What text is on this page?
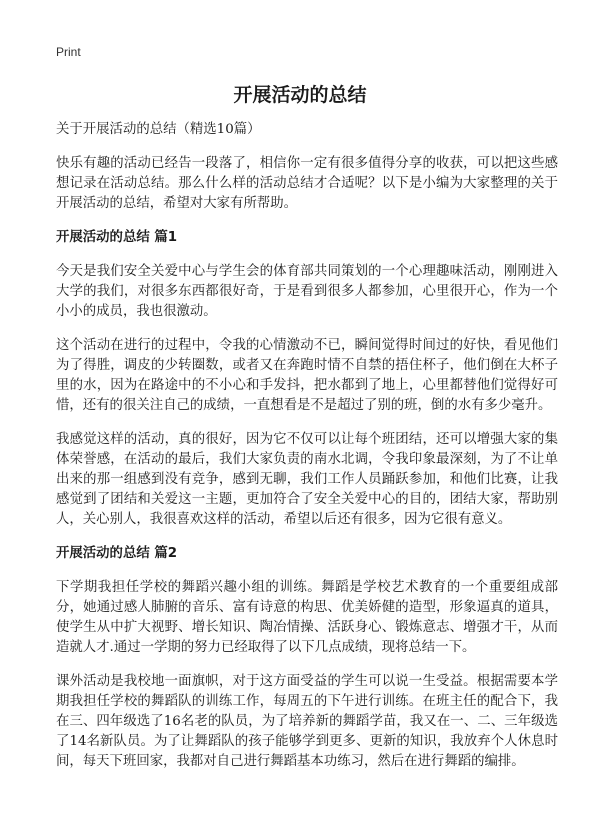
Print
开展活动的总结
关于开展活动的总结（精选10篇）

快乐有趣的活动已经告一段落了，相信你一定有很多值得分享的收获，可以把这些感想记录在活动总结。那么什么样的活动总结才合适呢？以下是小编为大家整理的关于开展活动的总结，希望对大家有所帮助。

开展活动的总结 篇1

今天是我们安全关爱中心与学生会的体育部共同策划的一个心理趣味活动，刚刚进入大学的我们，对很多东西都很好奇，于是看到很多人都参加，心里很开心，作为一个小小的成员，我也很激动。

这个活动在进行的过程中，令我的心情激动不已，瞬间觉得时间过的好快，看见他们为了得胜，调皮的少转圈数，或者又在奔跑时情不自禁的捂住杯子，他们倒在大杯子里的水，因为在路途中的不小心和手发抖，把水都到了地上，心里都替他们觉得好可惜，还有的很关注自己的成绩，一直想看是不是超过了别的班，倒的水有多少毫升。

我感觉这样的活动，真的很好，因为它不仅可以让每个班团结，还可以增强大家的集体荣誉感，在活动的最后，我们大家负责的南水北调，令我印象最深刻，为了不让单出来的那一组感到没有竞争，感到无聊，我们工作人员踊跃参加，和他们比赛，让我感觉到了团结和关爱这一主题，更加符合了安全关爱中心的目的，团结大家，帮助别人，关心别人，我很喜欢这样的活动，希望以后还有很多，因为它很有意义。

开展活动的总结 篇2

下学期我担任学校的舞蹈兴趣小组的训练。舞蹈是学校艺术教育的一个重要组成部分，她通过感人肺腑的音乐、富有诗意的构思、优美娇健的造型，形象逼真的道具，使学生从中扩大视野、增长知识、陶冶情操、活跃身心、锻炼意志、增强才干，从而造就人才.通过一学期的努力已经取得了以下几点成绩，现将总结一下。

课外活动是我校地一面旗帜，对于这方面受益的学生可以说一生受益。根据需要本学期我担任学校的舞蹈队的训练工作，每周五的下午进行训练。在班主任的配合下，我在三、四年级选了16名老的队员，为了培养新的舞蹈学苗，我又在一、二、三年级选了14名新队员。为了让舞蹈队的孩子能够学到更多、更新的知识，我放弃个人休息时间，每天下班回家，我都对自己进行舞蹈基本功练习，然后在进行舞蹈的编排。
